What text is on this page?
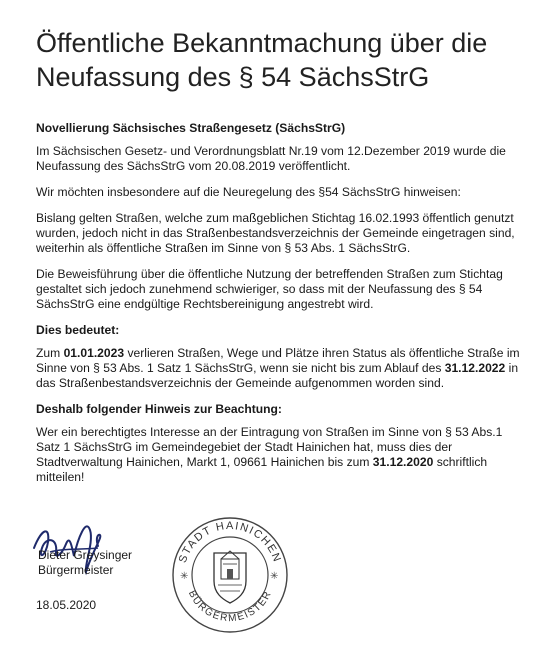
Öffentliche Bekanntmachung über die
Neufassung des § 54 SächsStrG

Novellierung Sächsisches Straßengesetz (SächsStrG)

Im Sächsischen Gesetz- und Verordnungsblatt Nr.19 vom 12.Dezember 2019 wurde die Neufassung des SächsStrG vom 20.08.2019 veröffentlicht.

Wir möchten insbesondere auf die Neuregelung des §54 SächsStrG hinweisen:

Bislang gelten Straßen, welche zum maßgeblichen Stichtag 16.02.1993 öffentlich genutzt wurden, jedoch nicht in das Straßenbestandsverzeichnis der Gemeinde eingetragen sind, weiterhin als öffentliche Straßen im Sinne von § 53 Abs. 1 SächsStrG.

Die Beweisführung über die öffentliche Nutzung der betreffenden Straßen zum Stichtag gestaltet sich jedoch zunehmend schwieriger, so dass mit der Neufassung des § 54 SächsStrG eine endgültige Rechtsbereinigung angestrebt wird.

Dies bedeutet:

Zum 01.01.2023 verlieren Straßen, Wege und Plätze ihren Status als öffentliche Straße im Sinne von § 53 Abs. 1 Satz 1 SächsStrG, wenn sie nicht bis zum Ablauf des 31.12.2022 in das Straßenbestandsverzeichnis der Gemeinde aufgenommen worden sind.

Deshalb folgender Hinweis zur Beachtung:

Wer ein berechtigtes Interesse an der Eintragung von Straßen im Sinne von § 53 Abs.1 Satz 1 SächsStrG im Gemeindegebiet der Stadt Hainichen hat, muss dies der Stadtverwaltung Hainichen, Markt 1, 09661 Hainichen bis zum 31.12.2020 schriftlich mitteilen!

Dieter Greysinger
Bürgermeister
STADT HAINICHEN
BÜRGERMEISTER
✳	✳
18.05.2020
